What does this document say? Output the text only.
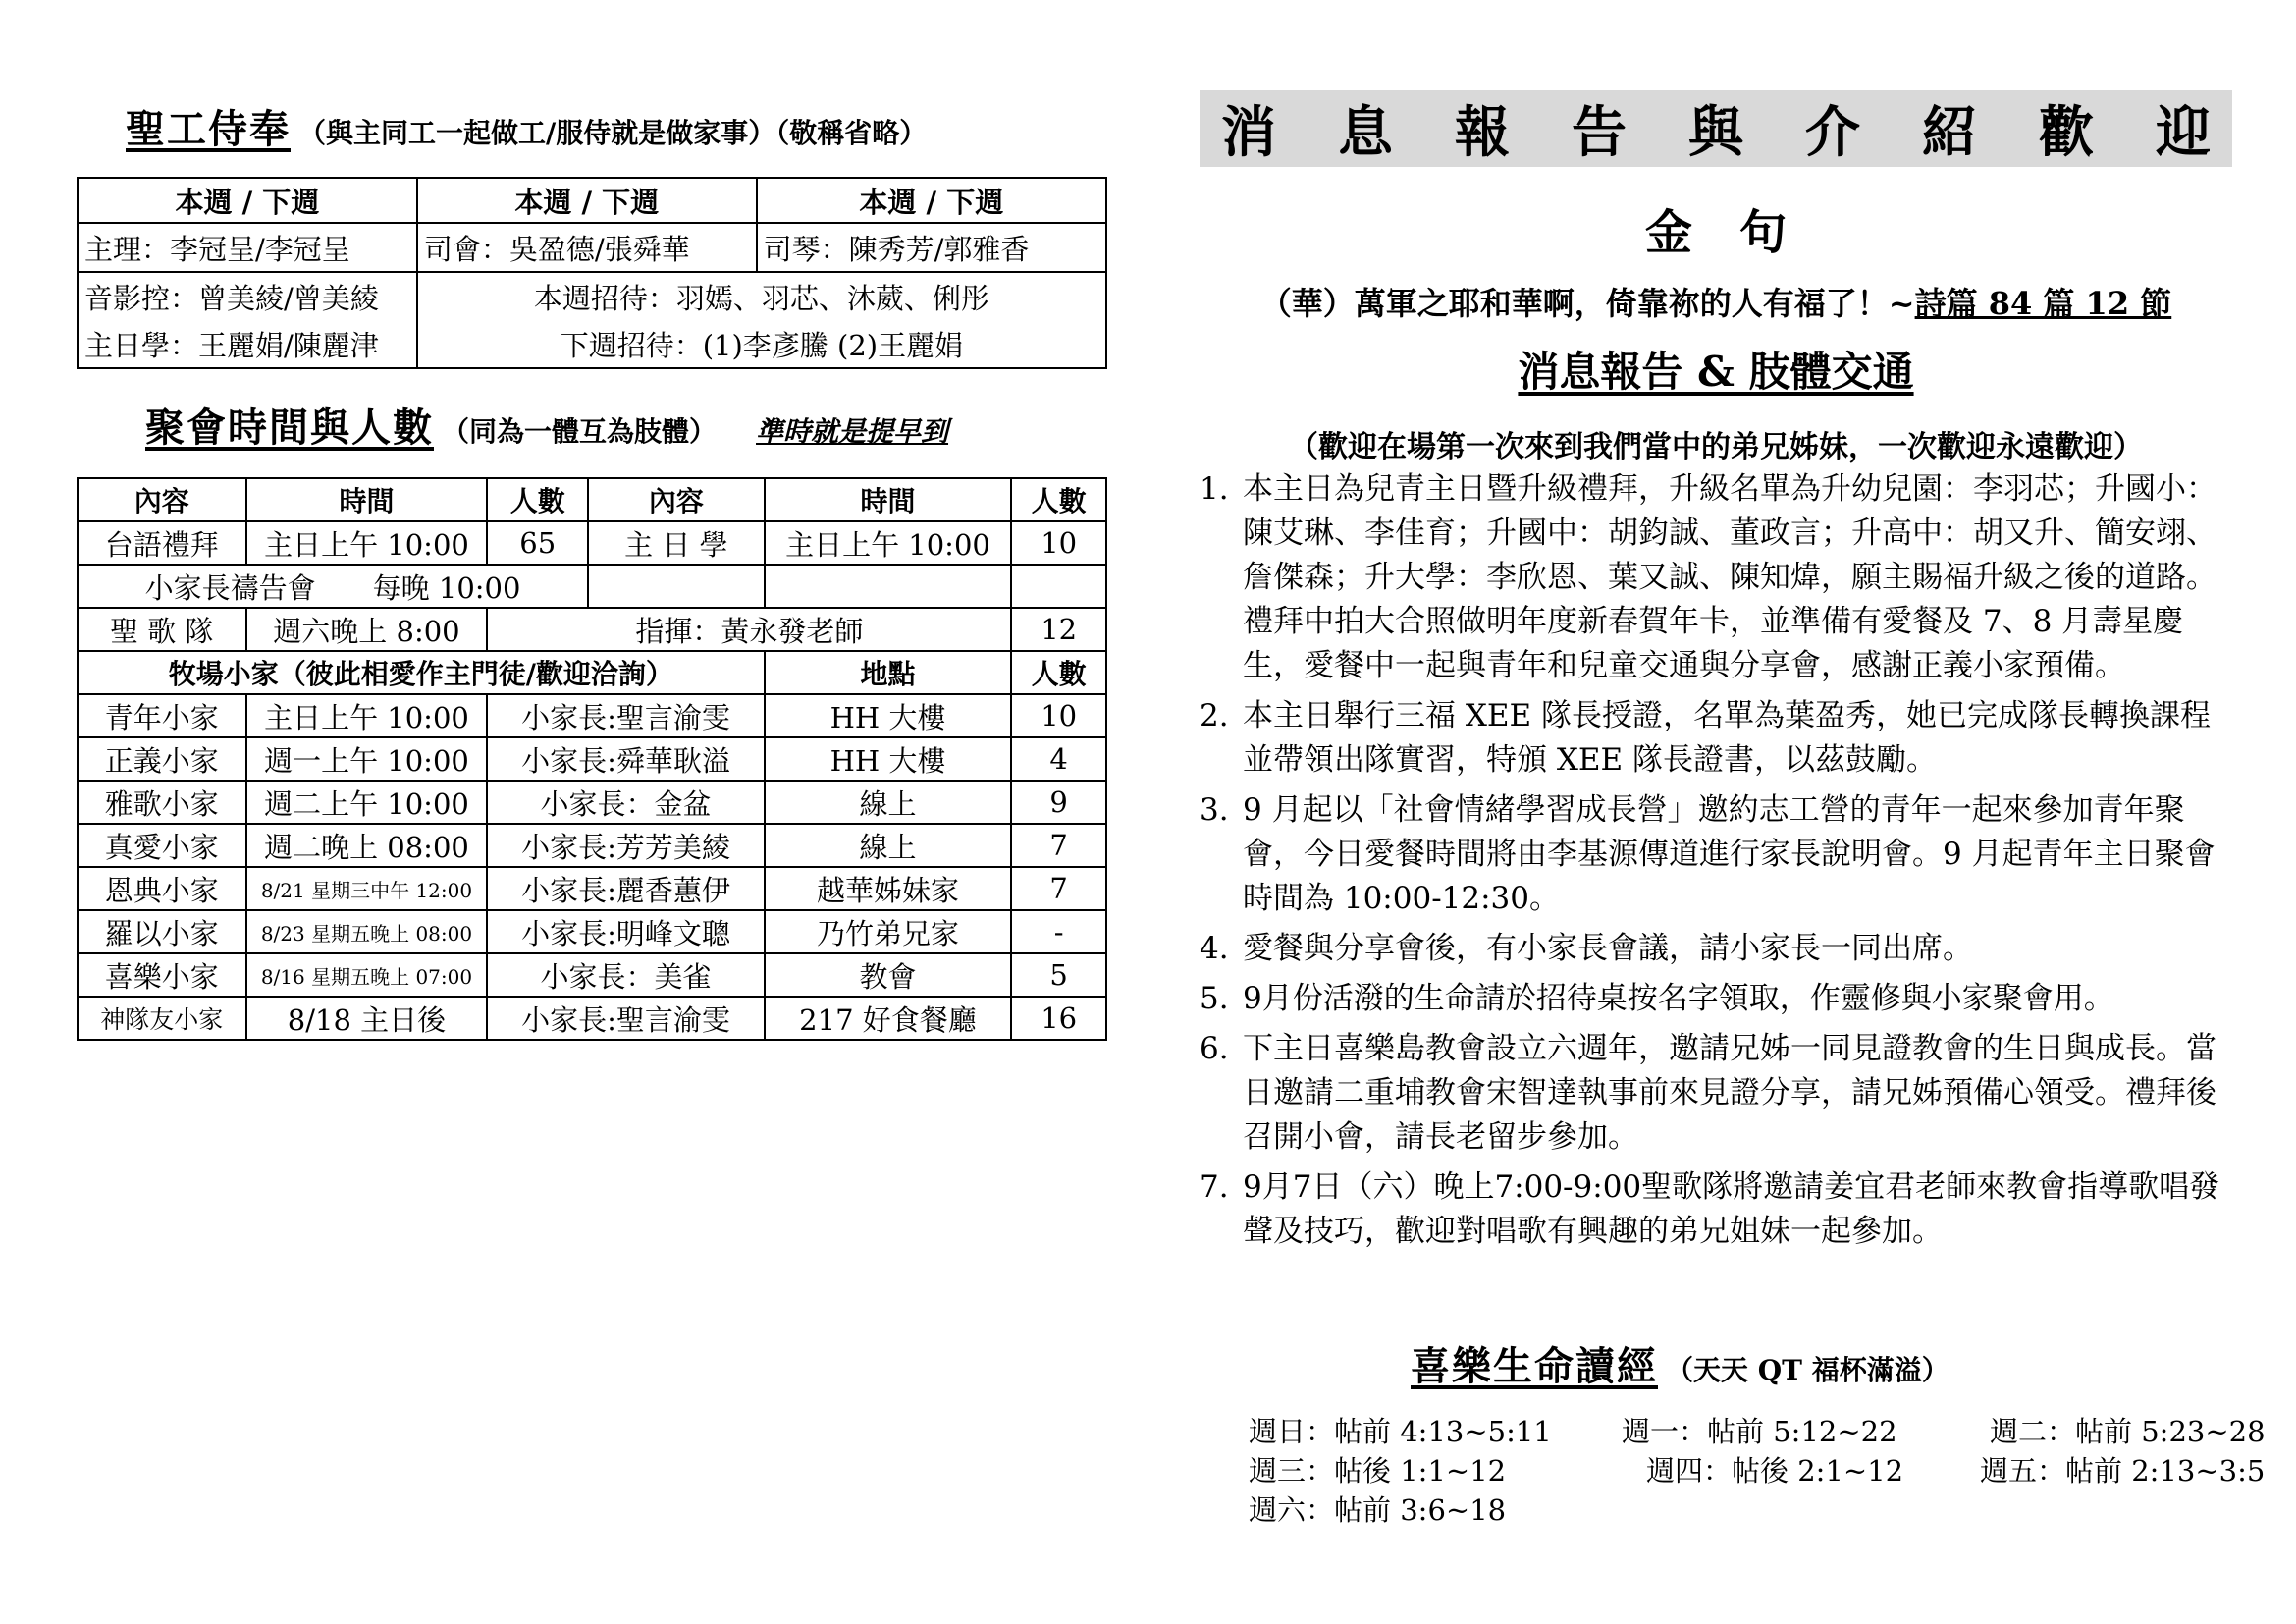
聖工侍奉 （與主同工一起做工/服侍就是做家事）（敬稱省略）
本週 / 下週	本週 / 下週	本週 / 下週
主理：李冠呈/李冠呈	司會：吳盈德/張舜華	司琴：陳秀芳/郭雅香
音影控：曾美綾/曾美綾	本週招待：羽嫣、羽芯、沐葳、俐彤	
主日學：王麗娟/陳麗津	下週招待：(1)李彥騰 (2)王麗娟	
聚會時間與人數 （同為一體互為肢體） 準時就是提早到
內容	時間	人數	內容	時間	人數
台語禮拜	主日上午 10:00	65	主 日 學	主日上午 10:00	10
小家長禱告會　　每晚 10:00					
聖 歌 隊	週六晚上 8:00	指揮：黃永發老師			12
牧場小家（彼此相愛作主門徒/歡迎洽詢）				地點	人數
青年小家	主日上午 10:00	小家長:聖言渝雯		HH 大樓	10
正義小家	週一上午 10:00	小家長:舜華耿溢		HH 大樓	4
雅歌小家	週二上午 10:00	小家長：金盆		線上	9
真愛小家	週二晚上 08:00	小家長:芳芳美綾		線上	7
恩典小家	8/21 星期三中午 12:00	小家長:麗香蕙伊		越華姊妹家	7
羅以小家	8/23 星期五晚上 08:00	小家長:明峰文聰		乃竹弟兄家	-
喜樂小家	8/16 星期五晚上 07:00	小家長：美雀		教會	5
神隊友小家	8/18 主日後	小家長:聖言渝雯		217 好食餐廳	16
消 息 報 告 與 介 紹 歡 迎
金　句
（華）萬軍之耶和華啊，倚靠祢的人有福了！~詩篇 84 篇 12 節
消息報告 & 肢體交通
（歡迎在場第一次來到我們當中的弟兄姊妹，一次歡迎永遠歡迎）
1. 本主日為兒青主日暨升級禮拜，升級名單為升幼兒園：李羽芯；升國小：陳艾琳、李佳育；升國中：胡鈞誠、董政言；升高中：胡又升、簡安翊、詹傑森；升大學：李欣恩、葉又誠、陳知煒，願主賜福升級之後的道路。禮拜中拍大合照做明年度新春賀年卡，並準備有愛餐及 7、8 月壽星慶生，愛餐中一起與青年和兒童交通與分享會，感謝正義小家預備。
2. 本主日舉行三福 XEE 隊長授證，名單為葉盈秀，她已完成隊長轉換課程並帶領出隊實習，特頒 XEE 隊長證書，以茲鼓勵。
3. 9 月起以「社會情緒學習成長營」邀約志工營的青年一起來參加青年聚會，今日愛餐時間將由李基源傳道進行家長說明會。9 月起青年主日聚會時間為 10:00-12:30。
4. 愛餐與分享會後，有小家長會議，請小家長一同出席。
5. 9月份活潑的生命請於招待桌按名字領取，作靈修與小家聚會用。
6. 下主日喜樂島教會設立六週年，邀請兄姊一同見證教會的生日與成長。當日邀請二重埔教會宋智達執事前來見證分享，請兄姊預備心領受。禮拜後召開小會，請長老留步參加。
7. 9月7日（六）晚上7:00-9:00聖歌隊將邀請姜宜君老師來教會指導歌唱發聲及技巧，歡迎對唱歌有興趣的弟兄姐妹一起參加。
喜樂生命讀經 （天天 QT 福杯滿溢）
週日：帖前 4:13~5:11 週一：帖前 5:12~22	週二：帖前 5:23~28
週三：帖後 1:1~12	週四：帖後 2:1~12	週五：帖前 2:13~3:5
週六：帖前 3:6~18
